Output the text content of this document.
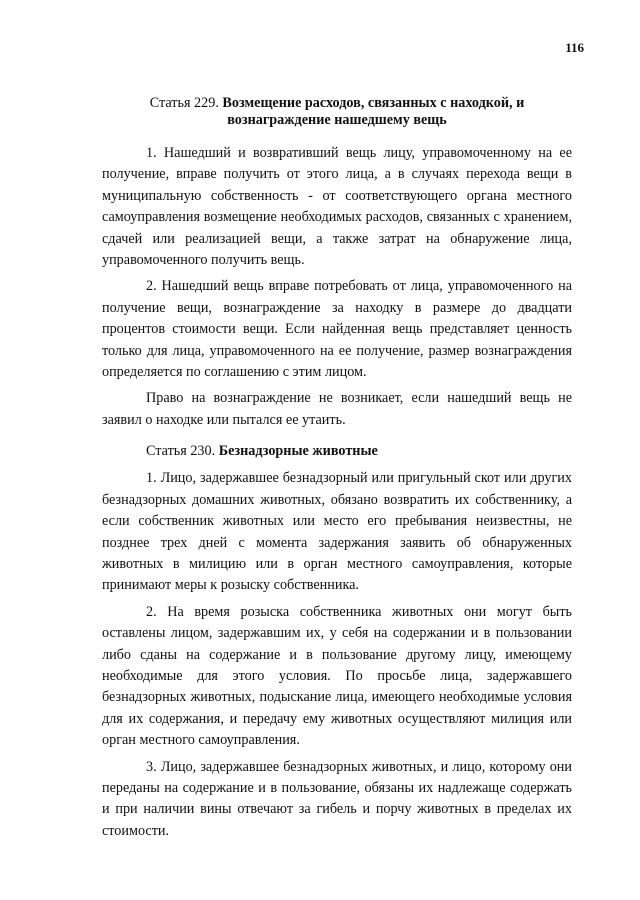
116
Статья 229. Возмещение расходов, связанных с находкой, и
вознаграждение нашедшему вещь

1. Нашедший и возвративший вещь лицу, управомоченному на ее получение, вправе получить от этого лица, а в случаях перехода вещи в муниципальную собственность - от соответствующего органа местного самоуправления возмещение необходимых расходов, связанных с хранением, сдачей или реализацией вещи, а также затрат на обнаружение лица, управомоченного получить вещь.

2. Нашедший вещь вправе потребовать от лица, управомоченного на получение вещи, вознаграждение за находку в размере до двадцати процентов стоимости вещи. Если найденная вещь представляет ценность только для лица, управомоченного на ее получение, размер вознаграждения определяется по соглашению с этим лицом.

Право на вознаграждение не возникает, если нашедший вещь не заявил о находке или пытался ее утаить.

Статья 230. Безнадзорные животные

1. Лицо, задержавшее безнадзорный или пригульный скот или других безнадзорных домашних животных, обязано возвратить их собственнику, а если собственник животных или место его пребывания неизвестны, не позднее трех дней с момента задержания заявить об обнаруженных животных в милицию или в орган местного самоуправления, которые принимают меры к розыску собственника.

2. На время розыска собственника животных они могут быть оставлены лицом, задержавшим их, у себя на содержании и в пользовании либо сданы на содержание и в пользование другому лицу, имеющему необходимые для этого условия. По просьбе лица, задержавшего безнадзорных животных, подыскание лица, имеющего необходимые условия для их содержания, и передачу ему животных осуществляют милиция или орган местного самоуправления.

3. Лицо, задержавшее безнадзорных животных, и лицо, которому они переданы на содержание и в пользование, обязаны их надлежаще содержать и при наличии вины отвечают за гибель и порчу животных в пределах их стоимости.
